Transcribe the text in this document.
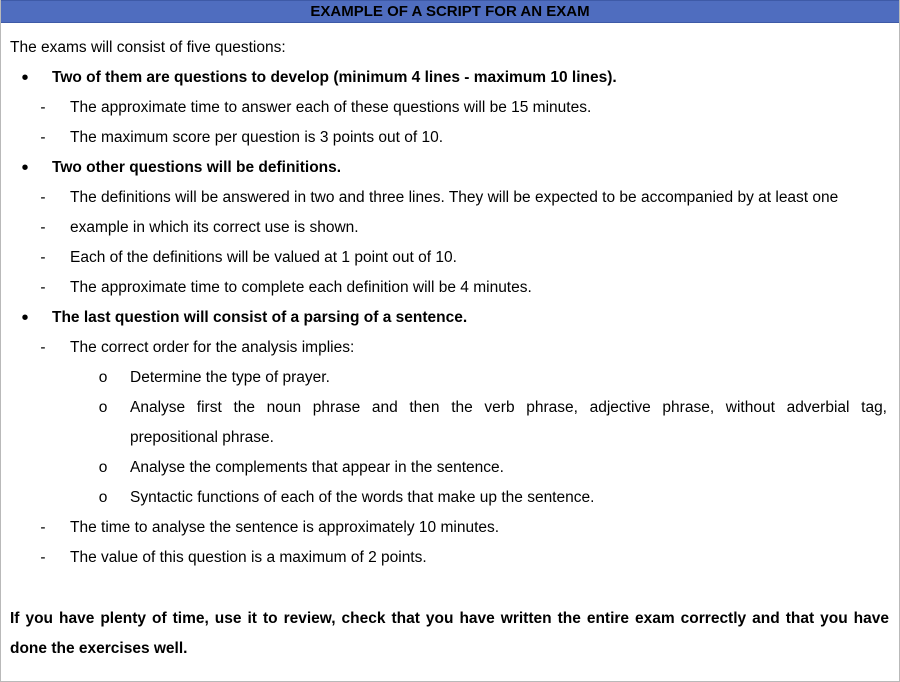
EXAMPLE OF A SCRIPT FOR AN EXAM
The exams will consist of five questions:
•	Two of them are questions to develop (minimum 4 lines - maximum 10 lines).
-	The approximate time to answer each of these questions will be 15 minutes.
-	The maximum score per question is 3 points out of 10.
•	Two other questions will be definitions.
-	The definitions will be answered in two and three lines. They will be expected to be accompanied by at least one
-	example in which its correct use is shown.
-	Each of the definitions will be valued at 1 point out of 10.
-	The approximate time to complete each definition will be 4 minutes.
•	The last question will consist of a parsing of a sentence.
-	The correct order for the analysis implies:
o	Determine the type of prayer.
o	Analyse first the noun phrase and then the verb phrase, adjective phrase, without adverbial tag,
prepositional phrase.
o	Analyse the complements that appear in the sentence.
o	Syntactic functions of each of the words that make up the sentence.
-	The time to analyse the sentence is approximately 10 minutes.
-	The value of this question is a maximum of 2 points.
If you have plenty of time, use it to review, check that you have written the entire exam correctly and that you have done the exercises well.
